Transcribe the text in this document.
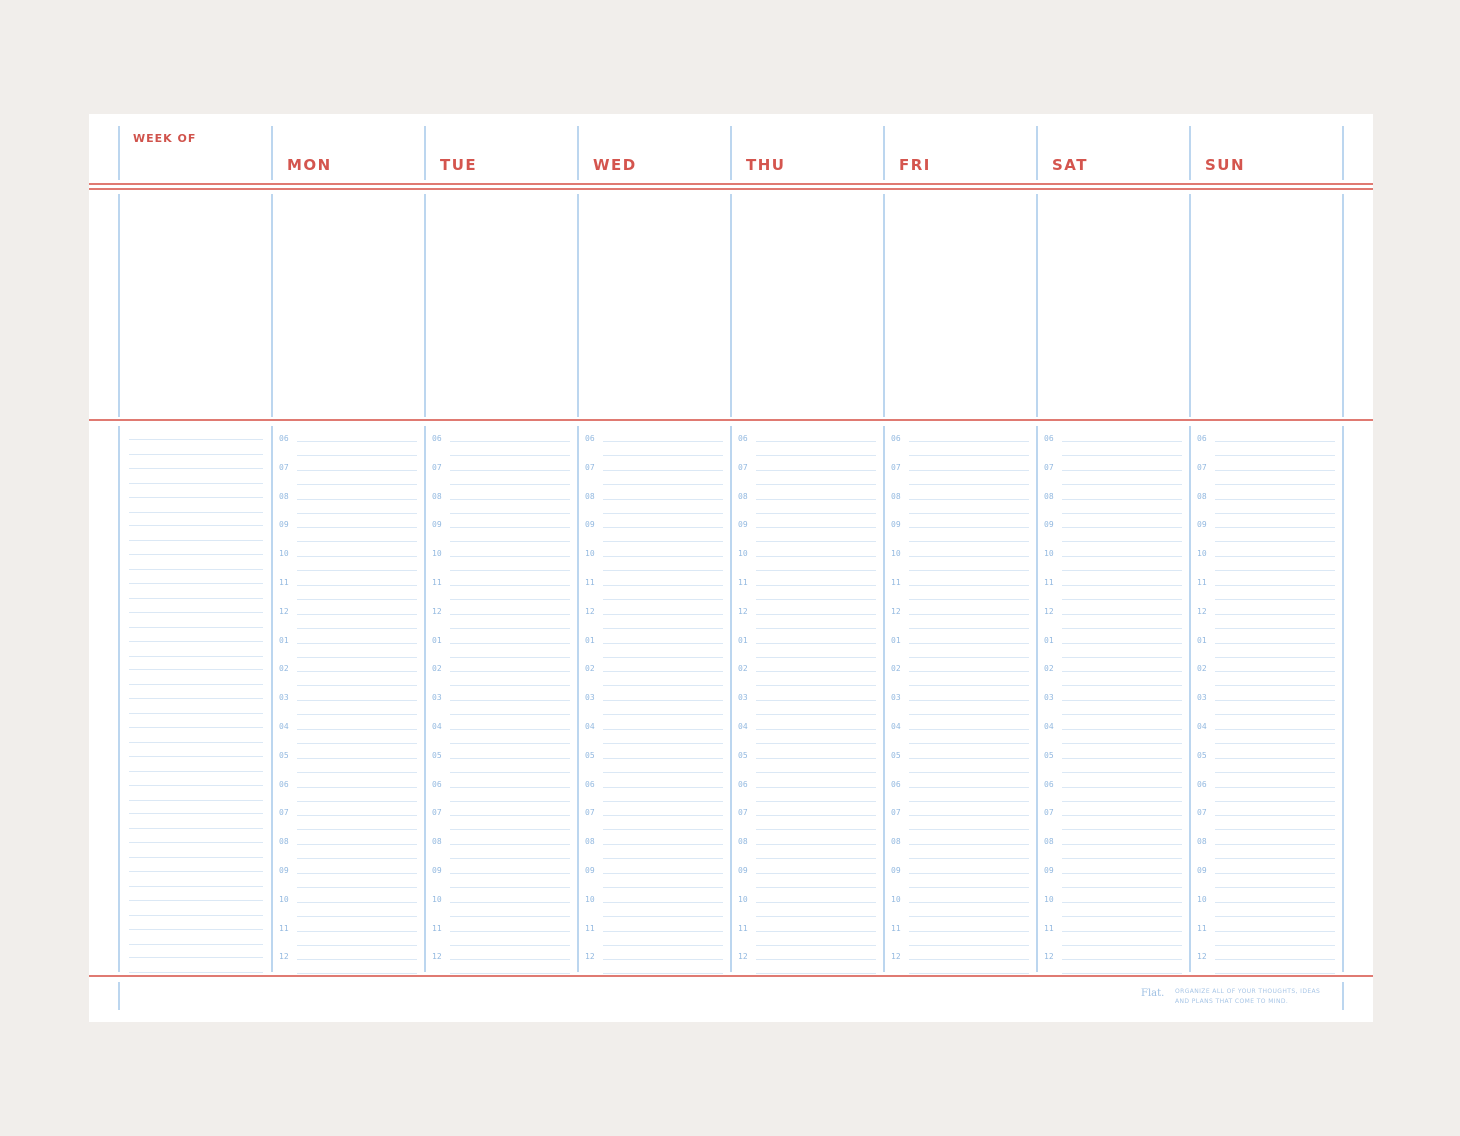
WEEK OF
Flat. ORGANIZE ALL OF YOUR THOUGHTS, IDEAS AND PLANS THAT COME TO MIND.
MON	TUE	WED	THU	FRI	SAT	SUN
06	06	06	06	06	06	06
07	07	07	07	07	07	07
08	08	08	08	08	08	08
09	09	09	09	09	09	09
10	10	10	10	10	10	10
11	11	11	11	11	11	11
12	12	12	12	12	12	12
01	01	01	01	01	01	01
02	02	02	02	02	02	02
03	03	03	03	03	03	03
04	04	04	04	04	04	04
05	05	05	05	05	05	05
06	06	06	06	06	06	06
07	07	07	07	07	07	07
08	08	08	08	08	08	08
09	09	09	09	09	09	09
10	10	10	10	10	10	10
11	11	11	11	11	11	11
12	12	12	12	12	12	12
